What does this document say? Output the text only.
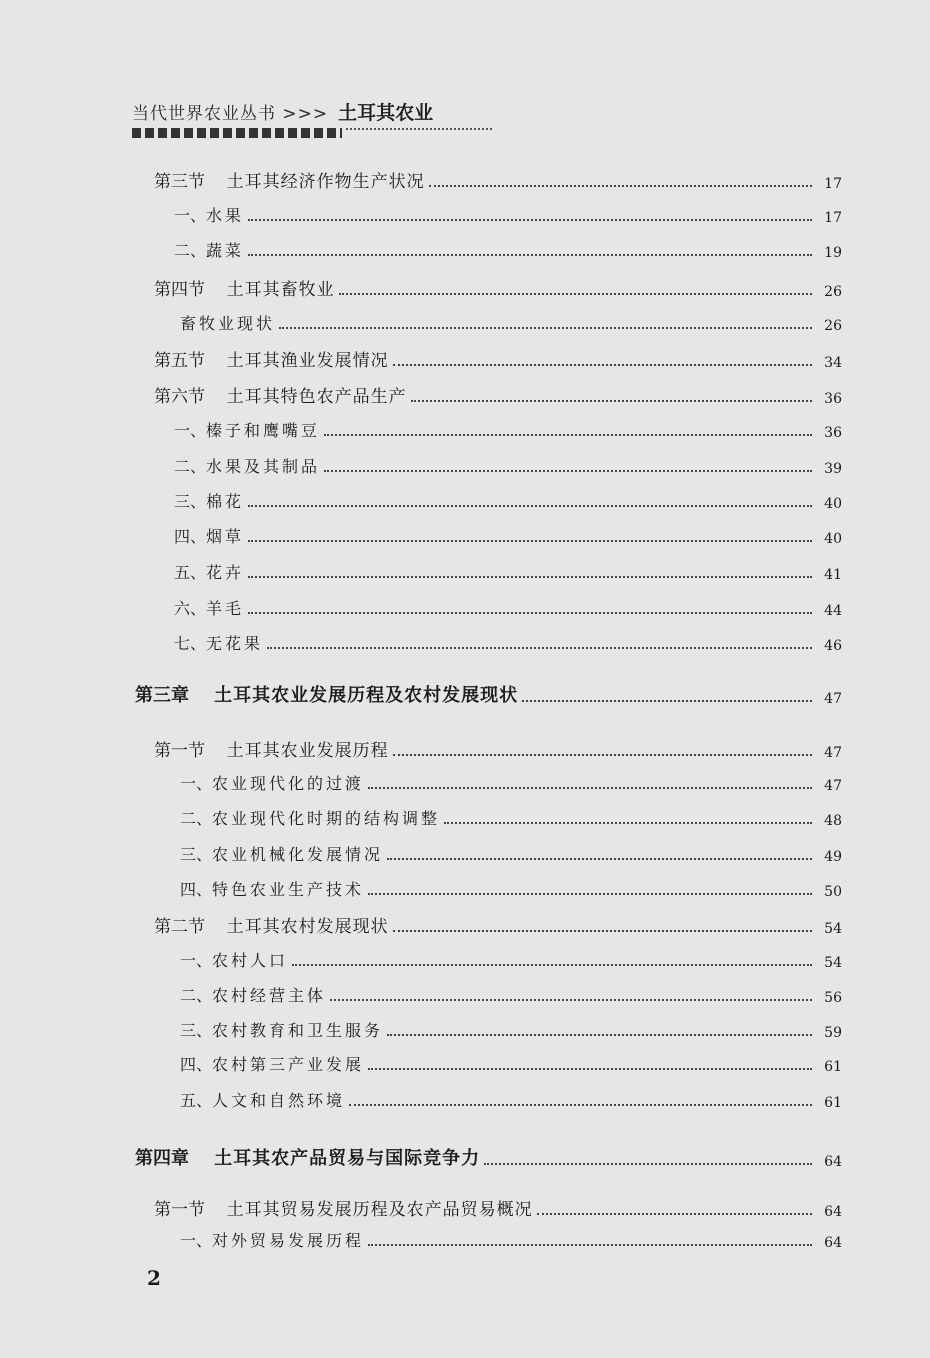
当代世界农业丛书 >>> 土耳其农业
第三节    土耳其经济作物生产状况	17
一、水果	17
二、蔬菜	19
第四节    土耳其畜牧业	26
畜牧业现状	26
第五节    土耳其渔业发展情况	34
第六节    土耳其特色农产品生产	36
一、榛子和鹰嘴豆	36
二、水果及其制品	39
三、棉花	40
四、烟草	40
五、花卉	41
六、羊毛	44
七、无花果	46
第三章    土耳其农业发展历程及农村发展现状	47
第一节    土耳其农业发展历程	47
一、农业现代化的过渡	47
二、农业现代化时期的结构调整	48
三、农业机械化发展情况	49
四、特色农业生产技术	50
第二节    土耳其农村发展现状	54
一、农村人口	54
二、农村经营主体	56
三、农村教育和卫生服务	59
四、农村第三产业发展	61
五、人文和自然环境	61
第四章    土耳其农产品贸易与国际竞争力	64
第一节    土耳其贸易发展历程及农产品贸易概况	64
一、对外贸易发展历程	64
2
